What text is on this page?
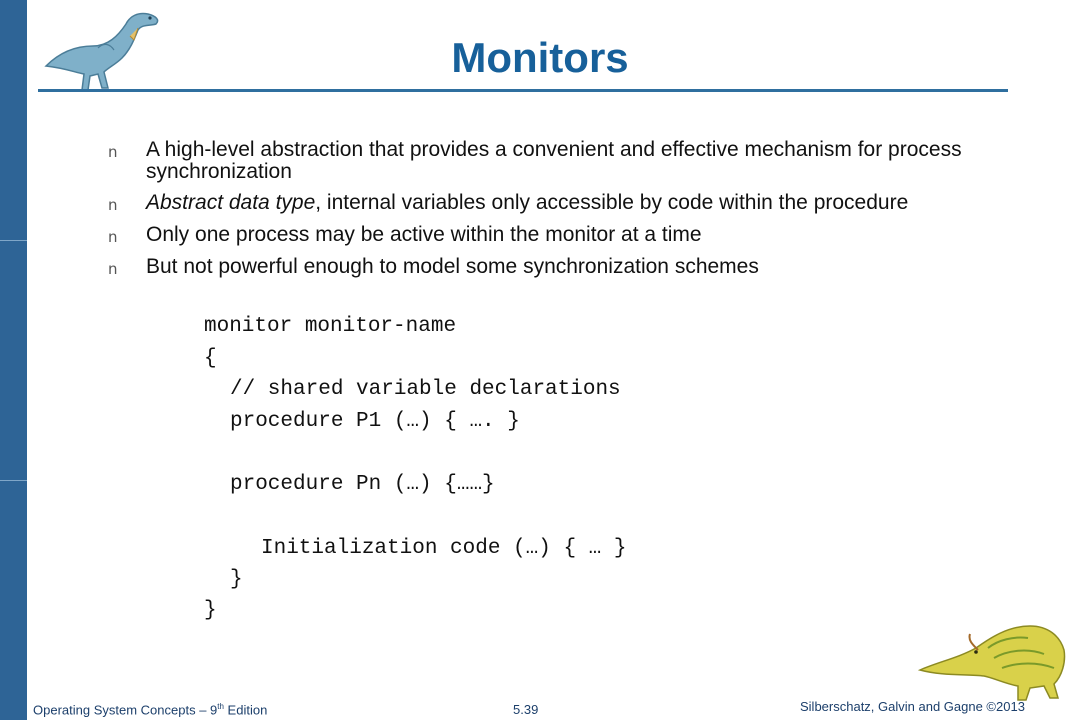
Monitors
n A high-level abstraction that provides a convenient and effective mechanism for process synchronization
n Abstract data type, internal variables only accessible by code within the procedure
n Only one process may be active within the monitor at a time
n But not powerful enough to model some synchronization schemes
monitor monitor-name
{
// shared variable declarations
procedure P1 (…) { …. }
procedure Pn (…) {……}
Initialization code (…) { … }
}
}
Operating System Concepts – 9th Edition	5.39	Silberschatz, Galvin and Gagne ©2013
